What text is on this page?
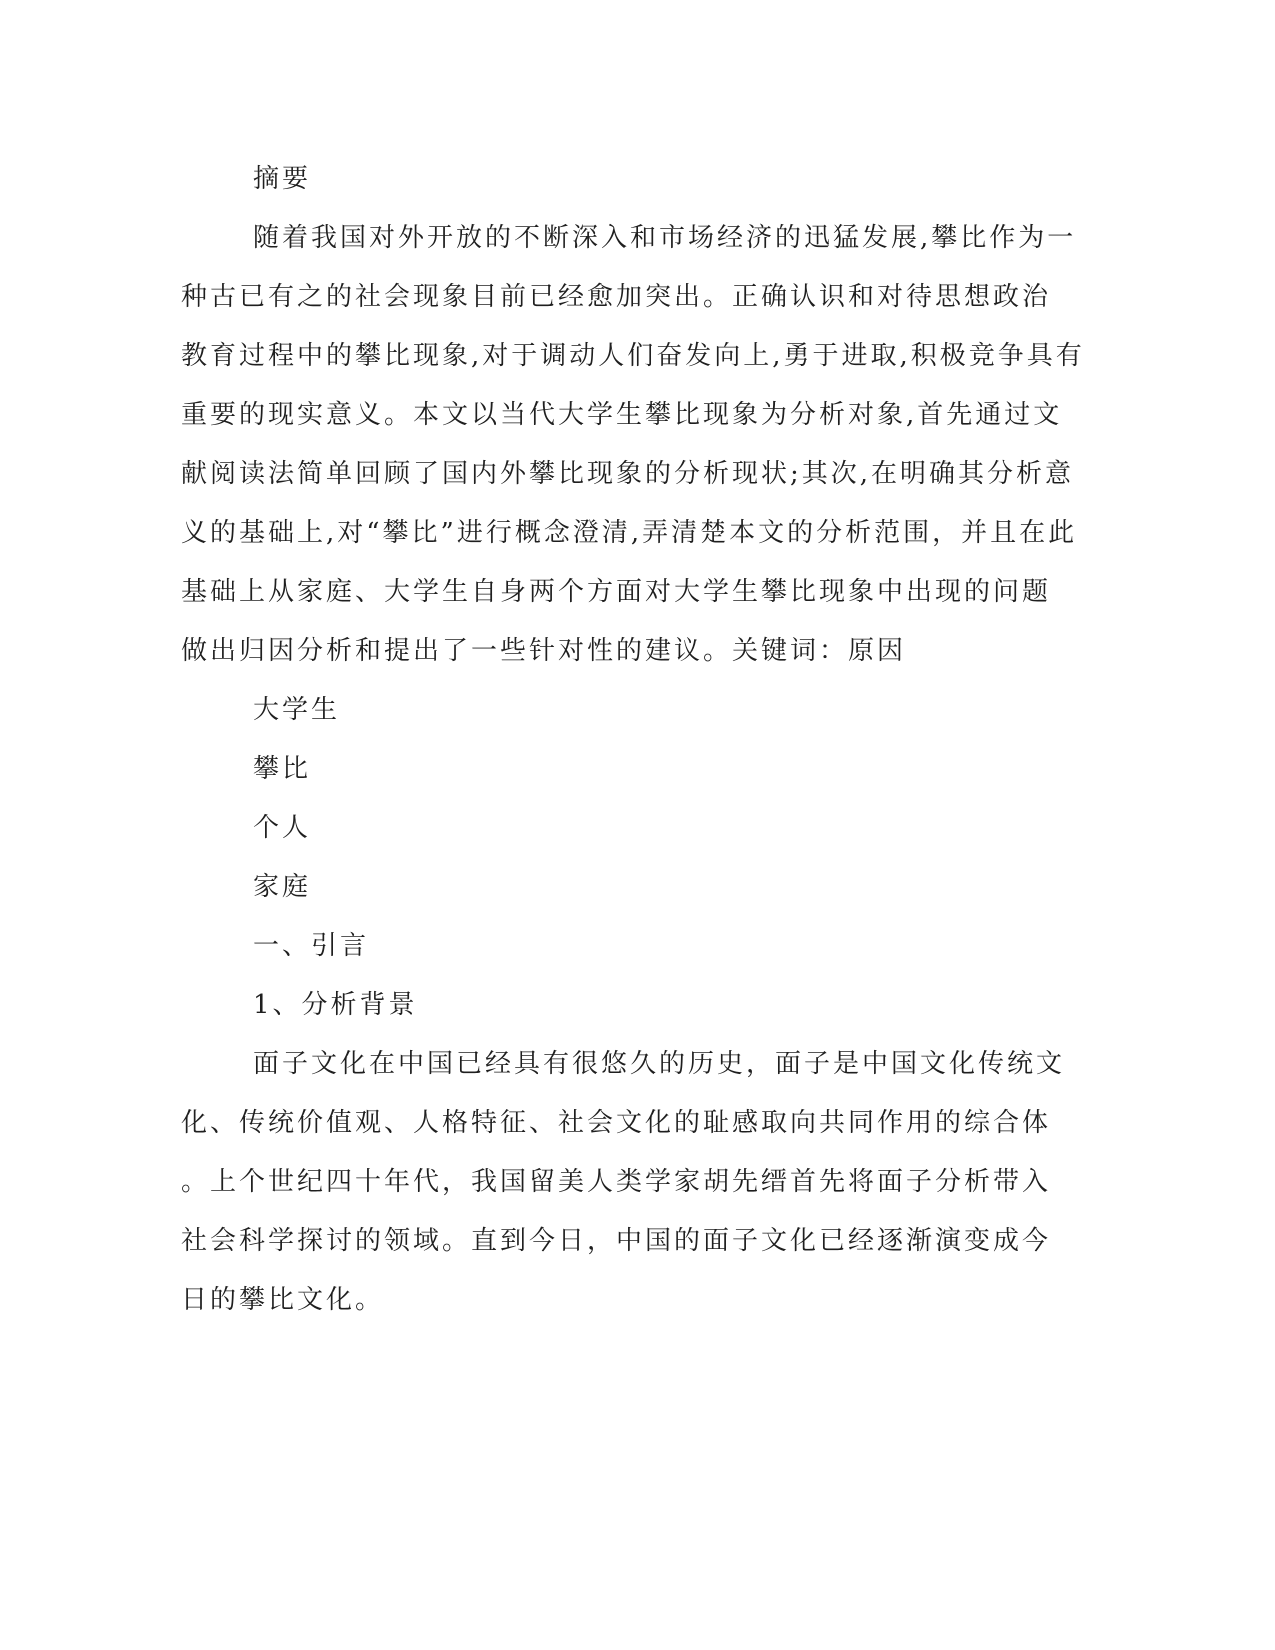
摘要
随着我国对外开放的不断深入和市场经济的迅猛发展,攀比作为一
种古已有之的社会现象目前已经愈加突出。正确认识和对待思想政治
教育过程中的攀比现象,对于调动人们奋发向上,勇于进取,积极竞争具有
重要的现实意义。本文以当代大学生攀比现象为分析对象,首先通过文
献阅读法简单回顾了国内外攀比现象的分析现状;其次,在明确其分析意
义的基础上,对“攀比”进行概念澄清,弄清楚本文的分析范围，并且在此
基础上从家庭、大学生自身两个方面对大学生攀比现象中出现的问题
做出归因分析和提出了一些针对性的建议。关键词：原因
大学生
攀比
个人
家庭
一、引言
1、分析背景
面子文化在中国已经具有很悠久的历史，面子是中国文化传统文
化、传统价值观、人格特征、社会文化的耻感取向共同作用的综合体
。上个世纪四十年代，我国留美人类学家胡先缙首先将面子分析带入
社会科学探讨的领域。直到今日，中国的面子文化已经逐渐演变成今
日的攀比文化。
